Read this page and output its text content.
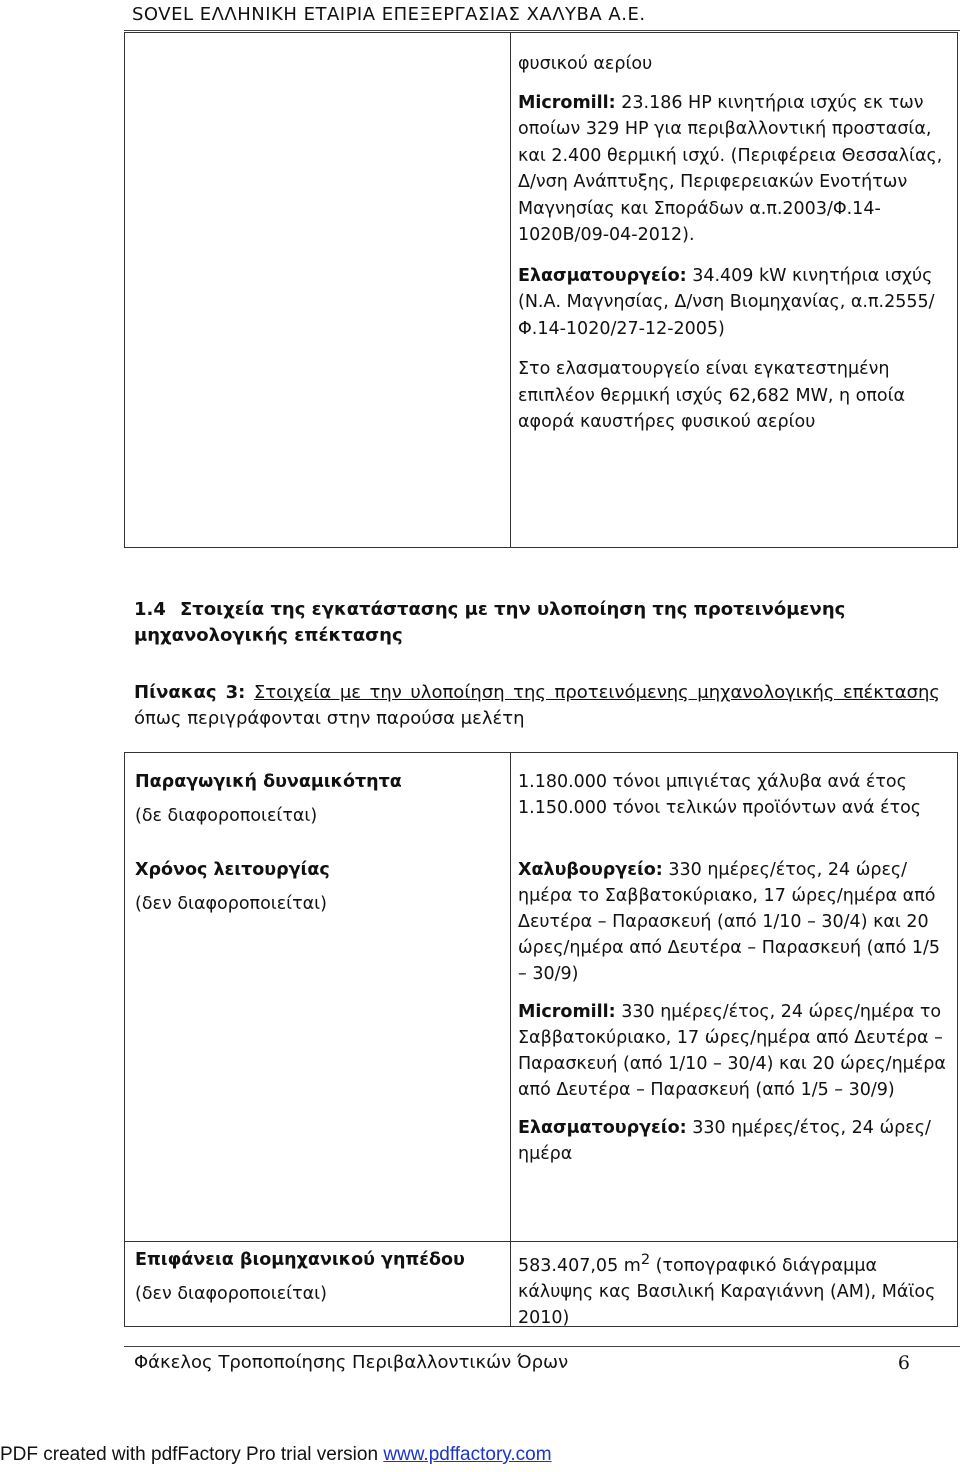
SOVEL ΕΛΛΗΝΙΚΗ ΕΤΑΙΡΙΑ ΕΠΕΞΕΡΓΑΣΙΑΣ ΧΑΛΥΒΑ Α.Ε.

φυσικού αερίου

Micromill: 23.186 HP κινητήρια ισχύς εκ των οποίων 329 HP για περιβαλλοντική προστασία, και 2.400 θερμική ισχύ. (Περιφέρεια Θεσσαλίας, Δ/νση Ανάπτυξης, Περιφερειακών Ενοτήτων Μαγνησίας και Σποράδων α.π.2003/Φ.14-1020Β/09-04-2012).

Ελασματουργείο: 34.409 kW κινητήρια ισχύς (Ν.Α. Μαγνησίας, Δ/νση Βιομηχανίας, α.π.2555/Φ.14-1020/27-12-2005)

Στο ελασματουργείο είναι εγκατεστημένη επιπλέον θερμική ισχύς 62,682 MW, η οποία αφορά καυστήρες φυσικού αερίου

1.4 Στοιχεία της εγκατάστασης με την υλοποίηση της προτεινόμενης μηχανολογικής επέκτασης
Πίνακας 3: Στοιχεία με την υλοποίηση της προτεινόμενης μηχανολογικής επέκτασης όπως περιγράφονται στην παρούσα μελέτη
Παραγωγική δυναμικότητα
(δε διαφοροποιείται)
1.180.000 τόνοι μπιγιέτας χάλυβα ανά έτος
1.150.000 τόνοι τελικών προϊόντων ανά έτος
Χρόνος λειτουργίας
(δεν διαφοροποιείται)

Χαλυβουργείο: 330 ημέρες/έτος, 24 ώρες/ημέρα το Σαββατοκύριακο, 17 ώρες/ημέρα από Δευτέρα – Παρασκευή (από 1/10 – 30/4) και 20 ώρες/ημέρα από Δευτέρα – Παρασκευή (από 1/5 – 30/9)

Micromill: 330 ημέρες/έτος, 24 ώρες/ημέρα το Σαββατοκύριακο, 17 ώρες/ημέρα από Δευτέρα – Παρασκευή (από 1/10 – 30/4) και 20 ώρες/ημέρα από Δευτέρα – Παρασκευή (από 1/5 – 30/9)

Ελασματουργείο: 330 ημέρες/έτος, 24 ώρες/ημέρα

Επιφάνεια βιομηχανικού γηπέδου
(δεν διαφοροποιείται)
583.407,05 $m^2$ (τοπογραφικό διάγραμμα κάλυψης κας Βασιλική Καραγιάννη (ΑΜ), Μάϊος 2010)
Φάκελος Τροποποίησης Περιβαλλοντικών Όρων	6
PDF created with pdfFactory Pro trial version www.pdffactory.com
